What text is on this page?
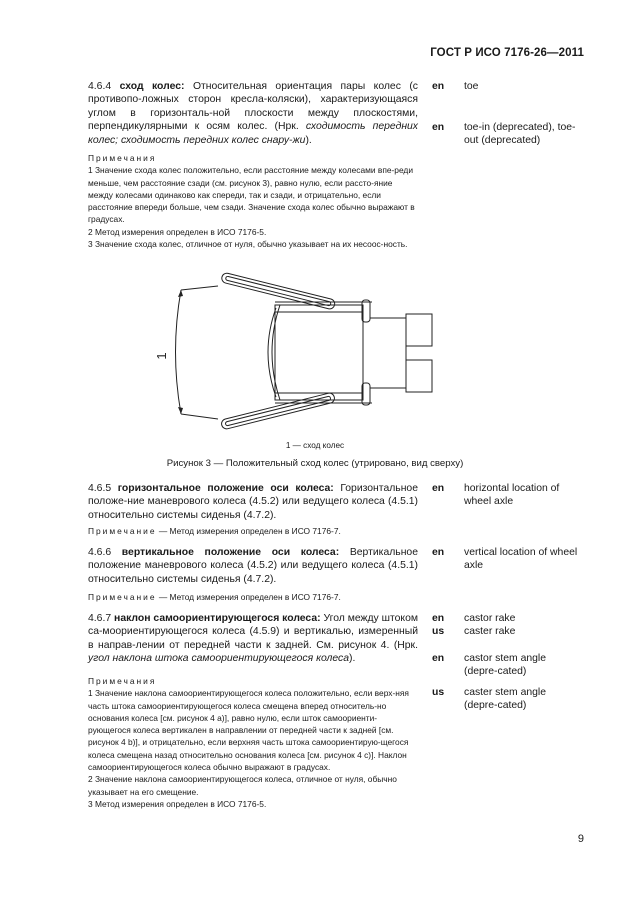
ГОСТ Р ИСО 7176-26—2011
4.6.4 сход колес: Относительная ориентация пары колес (с противопо-ложных сторон кресла-коляски), характеризующаяся углом в горизонталь-ной плоскости между плоскостями, перпендикулярными к осям колес. (Нрк. сходимость передних колес; сходимость передних колес снару-жи).
Примечания
1 Значение схода колес положительно, если расстояние между колесами впе-реди меньше, чем расстояние сзади (см. рисунок 3), равно нулю, если рассто-яние между колесами одинаково как спереди, так и сзади, и отрицательно, если расстояние впереди больше, чем сзади. Значение схода колес обычно выражают в градусах.
2 Метод измерения определен в ИСО 7176-5.
3 Значение схода колес, отличное от нуля, обычно указывает на их несоос-ность.
en toe
en toe-in (deprecated), toe-out (deprecated)
1
1 — сход колес
Рисунок 3 — Положительный сход колес (утрировано, вид сверху)
4.6.5 горизонтальное положение оси колеса: Горизонтальное положе-ние маневрового колеса (4.5.2) или ведущего колеса (4.5.1) относительно системы сиденья (4.7.2).
Примечание — Метод измерения определен в ИСО 7176-7.
en horizontal location of wheel axle
4.6.6 вертикальное положение оси колеса: Вертикальное положение маневрового колеса (4.5.2) или ведущего колеса (4.5.1) относительно системы сиденья (4.7.2).
Примечание — Метод измерения определен в ИСО 7176-7.
en vertical location of wheel axle
4.6.7 наклон самоориентирующегося колеса: Угол между штоком са-моориентирующегося колеса (4.5.9) и вертикалью, измеренный в направ-лении от передней части к задней. См. рисунок 4. (Нрк. угол наклона штока самоориентирующегося колеса).
Примечания
1 Значение наклона самоориентирующегося колеса положительно, если верх-няя часть штока самоориентирующегося колеса смещена вперед относитель-но основания колеса [см. рисунок 4 a)], равно нулю, если шток самоориенти-рующегося колеса вертикален в направлении от передней части к задней [см. рисунок 4 b)], и отрицательно, если верхняя часть штока самоориентирую-щегося колеса смещена назад относительно основания колеса [см. рисунок 4 c)]. Наклон самоориентирующегося колеса обычно выражают в градусах.
2 Значение наклона самоориентирующегося колеса, отличное от нуля, обычно указывает на его смещение.
3 Метод измерения определен в ИСО 7176-5.
en castor rake
us caster rake
en castor stem angle (depre-cated)
us caster stem angle (depre-cated)
9
